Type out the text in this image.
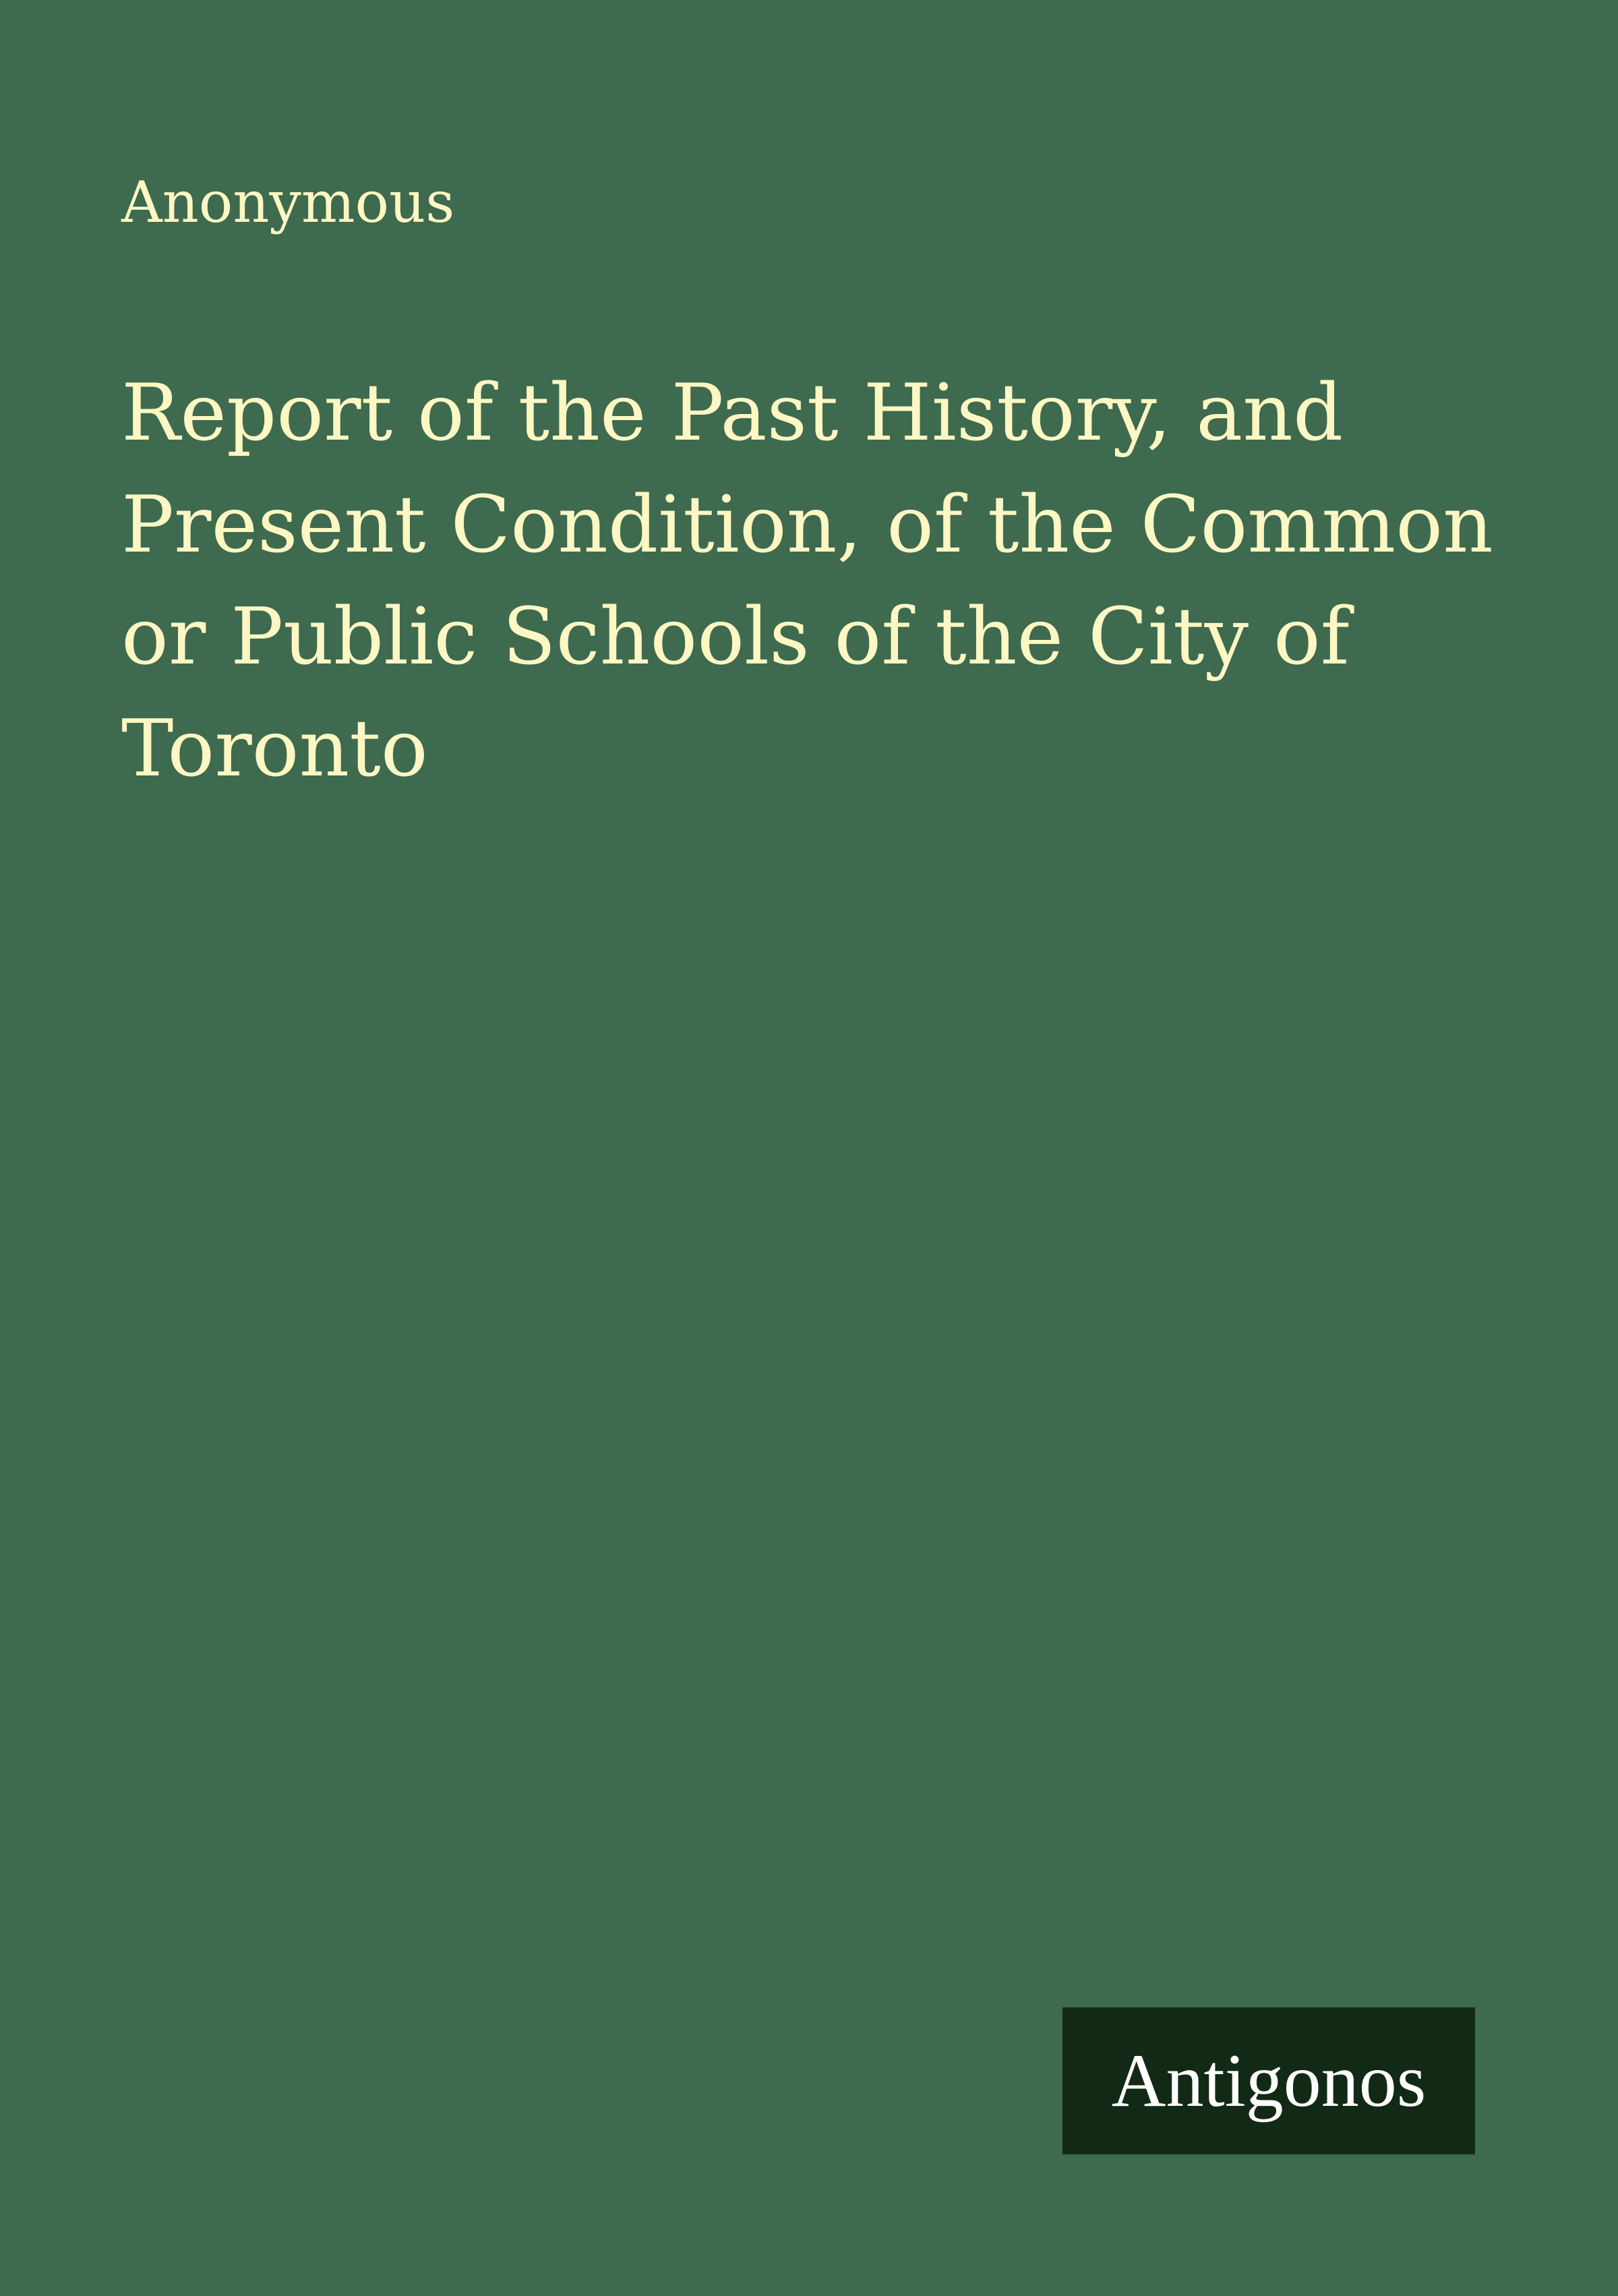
Anonymous

Report of the Past History, and Present Condition, of the Common or Public Schools of the City of Toronto
Antigonos
